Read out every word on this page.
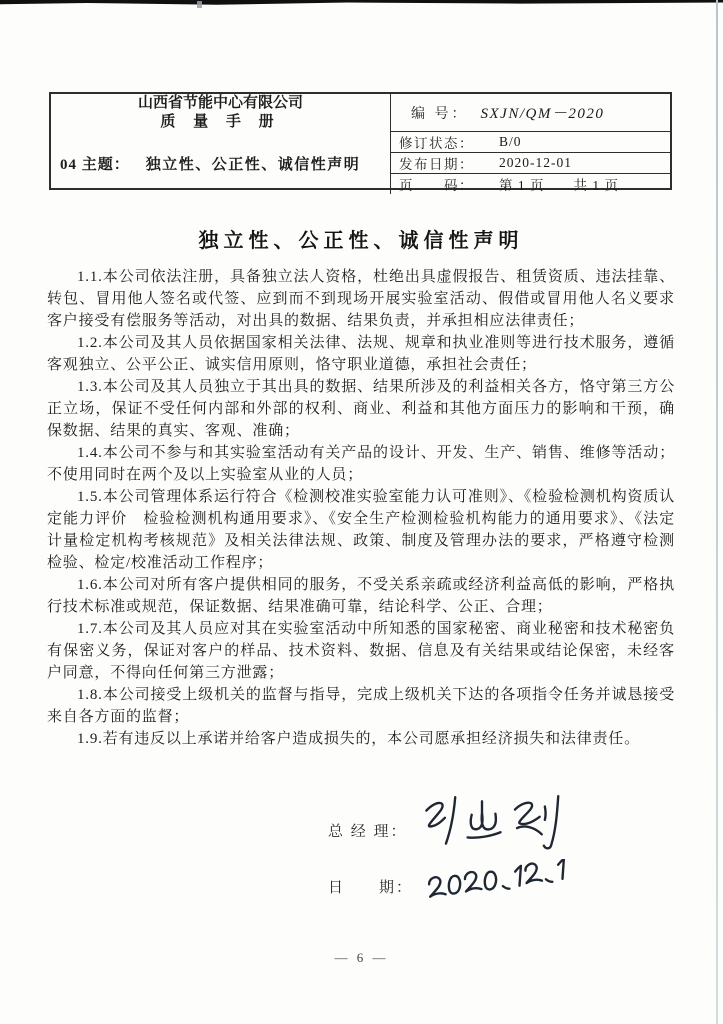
山西省节能中心有限公司
质 量 手 册	编 号： SXJN/QM－2020
04 主题： 独立性、公正性、诚信性声明
修订状态：	B/0
发布日期：	2020-12-01
页　　码：	第 1 页　　共 1 页
独立性、公正性、诚信性声明

1.1.本公司依法注册，具备独立法人资格，杜绝出具虚假报告、租赁资质、违法挂靠、转包、冒用他人签名或代签、应到而不到现场开展实验室活动、假借或冒用他人名义要求客户接受有偿服务等活动，对出具的数据、结果负责，并承担相应法律责任；

1.2.本公司及其人员依据国家相关法律、法规、规章和执业准则等进行技术服务，遵循客观独立、公平公正、诚实信用原则，恪守职业道德，承担社会责任；

1.3.本公司及其人员独立于其出具的数据、结果所涉及的利益相关各方，恪守第三方公正立场，保证不受任何内部和外部的权利、商业、利益和其他方面压力的影响和干预，确保数据、结果的真实、客观、准确；

1.4.本公司不参与和其实验室活动有关产品的设计、开发、生产、销售、维修等活动；不使用同时在两个及以上实验室从业的人员；

1.5.本公司管理体系运行符合《检测校准实验室能力认可准则》、《检验检测机构资质认定能力评价　检验检测机构通用要求》、《安全生产检测检验机构能力的通用要求》、《法定计量检定机构考核规范》及相关法律法规、政策、制度及管理办法的要求，严格遵守检测检验、检定/校准活动工作程序；

1.6.本公司对所有客户提供相同的服务，不受关系亲疏或经济利益高低的影响，严格执行技术标准或规范，保证数据、结果准确可靠，结论科学、公正、合理；

1.7.本公司及其人员应对其在实验室活动中所知悉的国家秘密、商业秘密和技术秘密负有保密义务，保证对客户的样品、技术资料、数据、信息及有关结果或结论保密，未经客户同意，不得向任何第三方泄露；

1.8.本公司接受上级机关的监督与指导，完成上级机关下达的各项指令任务并诚恳接受来自各方面的监督；

1.9.若有违反以上承诺并给客户造成损失的，本公司愿承担经济损失和法律责任。

总 经 理：
日　　期：
— 6 —
